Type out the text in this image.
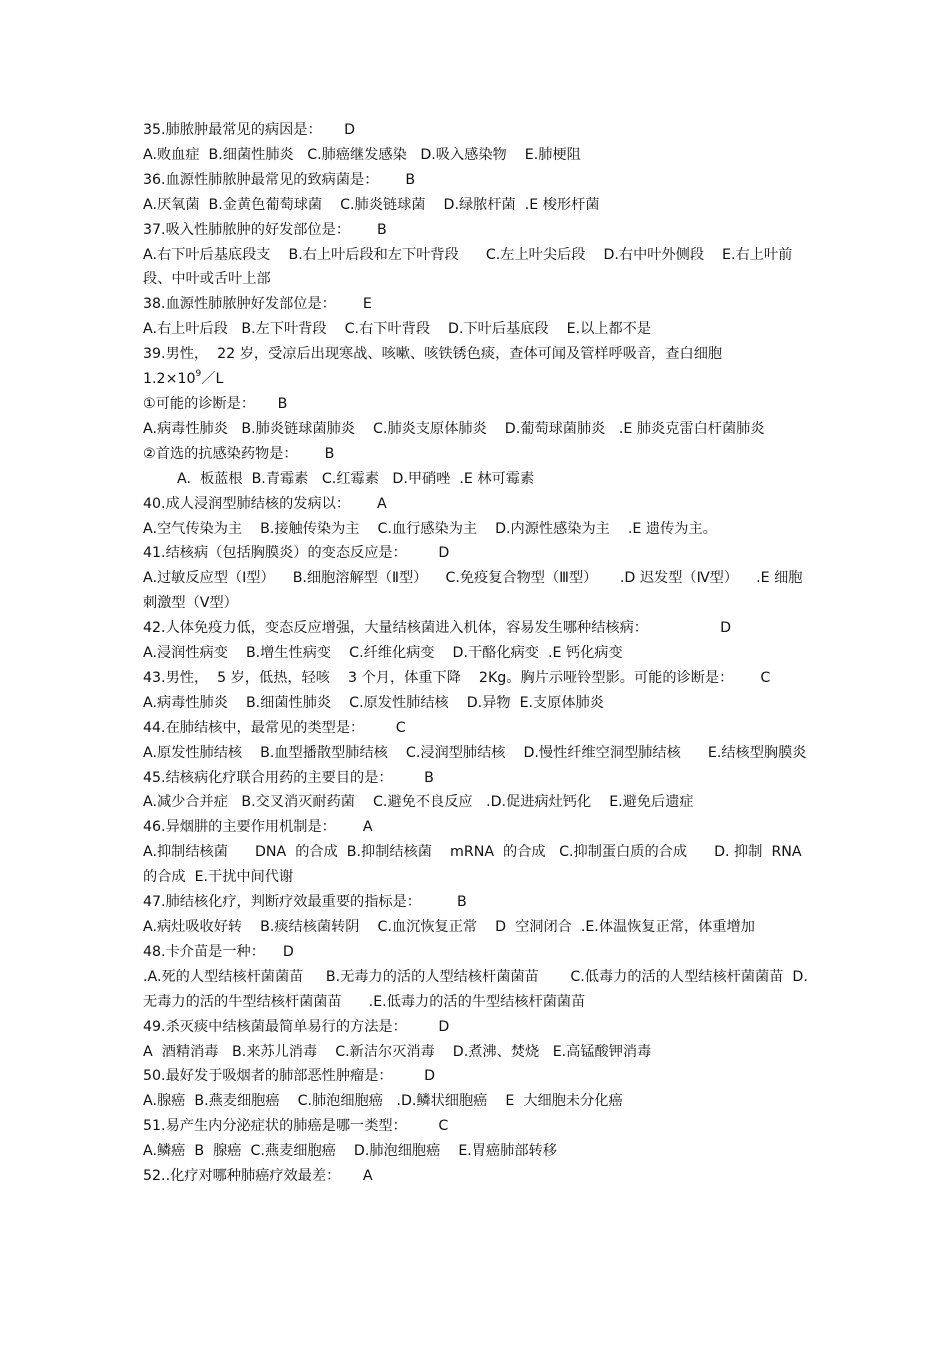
35.肺脓肿最常见的病因是：     D
A.败血症  B.细菌性肺炎   C.肺癌继发感染   D.吸入感染物    E.肺梗阻
36.血源性肺脓肿最常见的致病菌是：      B
A.厌氧菌  B.金黄色葡萄球菌    C.肺炎链球菌    D.绿脓杆菌  .E 梭形杆菌
37.吸入性肺脓肿的好发部位是：      B
A.右下叶后基底段支    B.右上叶后段和左下叶背段      C.左上叶尖后段    D.右中叶外侧段    E.右上叶前段、中叶或舌叶上部
38.血源性肺脓肿好发部位是：      E
A.右上叶后段   B.左下叶背段    C.右下叶背段    D.下叶后基底段    E.以上都不是
39.男性，  22 岁，受凉后出现寒战、咳嗽、咳铁锈色痰，查体可闻及管样呼吸音，查白细胞
$1.2\times 10^9/L$
①可能的诊断是：     B
A.病毒性肺炎   B.肺炎链球菌肺炎    C.肺炎支原体肺炎    D.葡萄球菌肺炎   .E 肺炎克雷白杆菌肺炎
②首选的抗感染药物是：      B
A.  板蓝根  B.青霉素   C.红霉素   D.甲硝唑  .E 林可霉素
40.成人浸润型肺结核的发病以：      A
A.空气传染为主    B.接触传染为主    C.血行感染为主    D.内源性感染为主    .E 遗传为主。
41.结核病（包括胸膜炎）的变态反应是：       D
A.过敏反应型（Ⅰ型）    B.细胞溶解型（Ⅱ型）    C.免疫复合物型（Ⅲ型）     .D 迟发型（Ⅳ型）    .E 细胞刺激型（Ⅴ型）
42.人体免疫力低，变态反应增强，大量结核菌进入机体，容易发生哪种结核病：                D
A.浸润性病变    B.增生性病变    C.纤维化病变    D.干酪化病变  .E 钙化病变
43.男性，  5 岁，低热，轻咳    3 个月，体重下降    2Kg。胸片示哑铃型影。可能的诊断是：      C
A.病毒性肺炎    B.细菌性肺炎    C.原发性肺结核    D.异物  E.支原体肺炎
44.在肺结核中，最常见的类型是：       C
A.原发性肺结核    B.血型播散型肺结核    C.浸润型肺结核    D.慢性纤维空洞型肺结核      E.结核型胸膜炎
45.结核病化疗联合用药的主要目的是：       B
A.减少合并症   B.交叉消灭耐药菌    C.避免不良反应   .D.促进病灶钙化    E.避免后遗症
46.异烟肼的主要作用机制是：      A
A.抑制结核菌      DNA  的合成  B.抑制结核菌    mRNA  的合成   C.抑制蛋白质的合成      D. 抑制  RNA 的合成  E.干扰中间代谢
47.肺结核化疗，判断疗效最重要的指标是：        B
A.病灶吸收好转    B.痰结核菌转阴    C.血沉恢复正常    D  空洞闭合  .E.体温恢复正常，体重增加
48.卡介苗是一种：    D
.A.死的人型结核杆菌菌苗     B.无毒力的活的人型结核杆菌菌苗       C.低毒力的活的人型结核杆菌菌苗  D.无毒力的活的牛型结核杆菌菌苗      .E.低毒力的活的牛型结核杆菌菌苗
49.杀灭痰中结核菌最简单易行的方法是：       D
A  酒精消毒   B.来苏儿消毒    C.新洁尔灭消毒    D.煮沸、焚烧   E.高锰酸钾消毒
50.最好发于吸烟者的肺部恶性肿瘤是：       D
A.腺癌  B.燕麦细胞癌    C.肺泡细胞癌   .D.鳞状细胞癌    E  大细胞未分化癌
51.易产生内分泌症状的肺癌是哪一类型：       C
A.鳞癌  B  腺癌  C.燕麦细胞癌    D.肺泡细胞癌    E.胃癌肺部转移
52..化疗对哪种肺癌疗效最差：     A
